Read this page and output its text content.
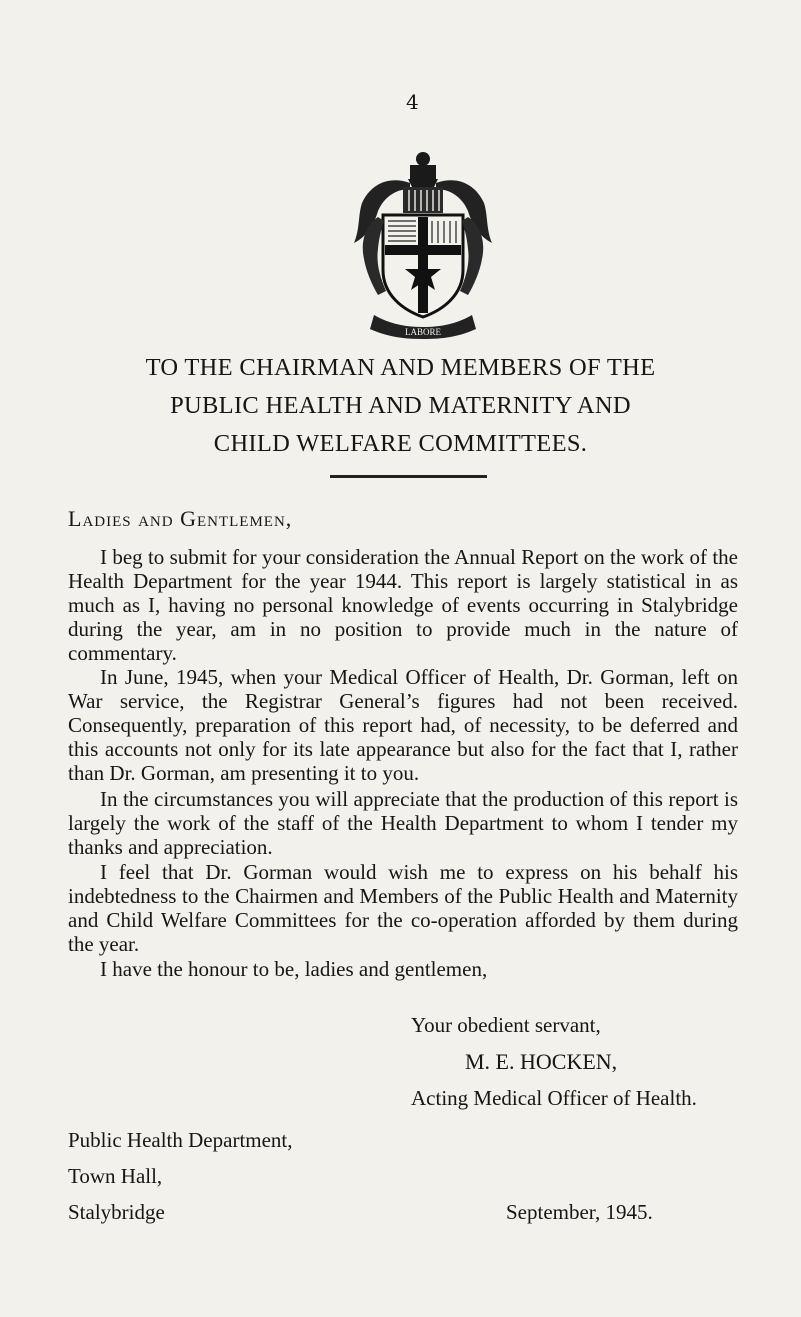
4
LABORE
TO THE CHAIRMAN AND MEMBERS OF THE
PUBLIC HEALTH AND MATERNITY AND
CHILD WELFARE COMMITTEES.
Ladies and Gentlemen,

I beg to submit for your consideration the Annual Report on the work of the Health Department for the year 1944. This report is largely statistical in as much as I, having no personal knowledge of events occurring in Stalybridge during the year, am in no position to provide much in the nature of commentary.

In June, 1945, when your Medical Officer of Health, Dr. Gorman, left on War service, the Registrar General’s figures had not been received. Consequently, preparation of this report had, of necessity, to be deferred and this accounts not only for its late appearance but also for the fact that I, rather than Dr. Gorman, am presenting it to you.

In the circumstances you will appreciate that the production of this report is largely the work of the staff of the Health Department to whom I tender my thanks and appreciation.

I feel that Dr. Gorman would wish me to express on his behalf his indebtedness to the Chairmen and Members of the Public Health and Maternity and Child Welfare Committees for the co-operation afforded by them during the year.

I have the honour to be, ladies and gentlemen,
Your obedient servant,
M. E. HOCKEN,
Acting Medical Officer of Health.
Public Health Department,
Town Hall,
Stalybridge	September, 1945.
